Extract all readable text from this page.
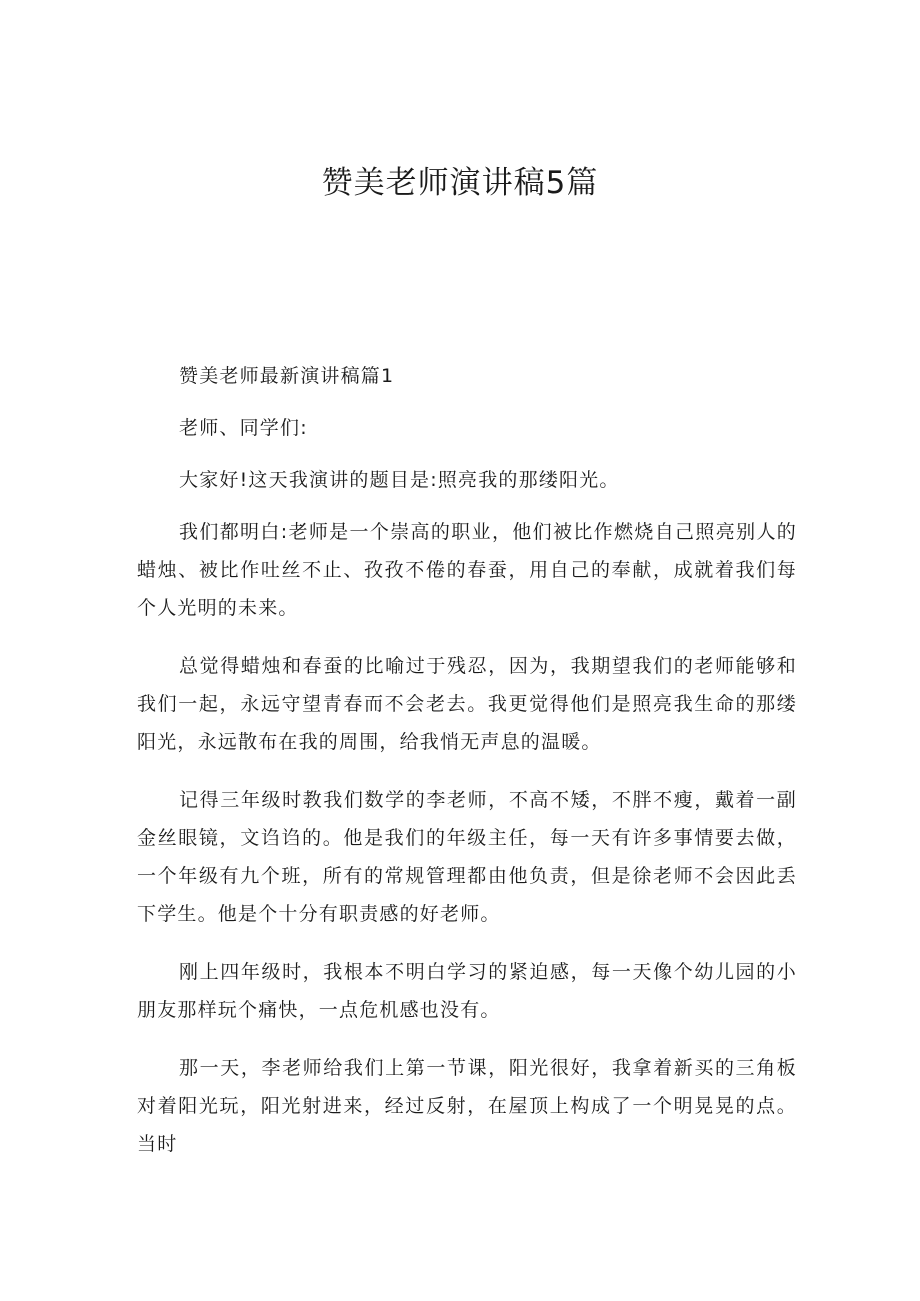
赞美老师演讲稿5篇

赞美老师最新演讲稿篇1

老师、同学们:

大家好!这天我演讲的题目是:照亮我的那缕阳光。

我们都明白:老师是一个崇高的职业，他们被比作燃烧自己照亮别人的蜡烛、被比作吐丝不止、孜孜不倦的春蚕，用自己的奉献，成就着我们每个人光明的未来。

总觉得蜡烛和春蚕的比喻过于残忍，因为，我期望我们的老师能够和我们一起，永远守望青春而不会老去。我更觉得他们是照亮我生命的那缕阳光，永远散布在我的周围，给我悄无声息的温暖。

记得三年级时教我们数学的李老师，不高不矮，不胖不瘦，戴着一副金丝眼镜，文诌诌的。他是我们的年级主任，每一天有许多事情要去做，一个年级有九个班，所有的常规管理都由他负责，但是徐老师不会因此丢下学生。他是个十分有职责感的好老师。

刚上四年级时，我根本不明白学习的紧迫感，每一天像个幼儿园的小朋友那样玩个痛快，一点危机感也没有。

那一天，李老师给我们上第一节课，阳光很好，我拿着新买的三角板对着阳光玩，阳光射进来，经过反射，在屋顶上构成了一个明晃晃的点。当时
